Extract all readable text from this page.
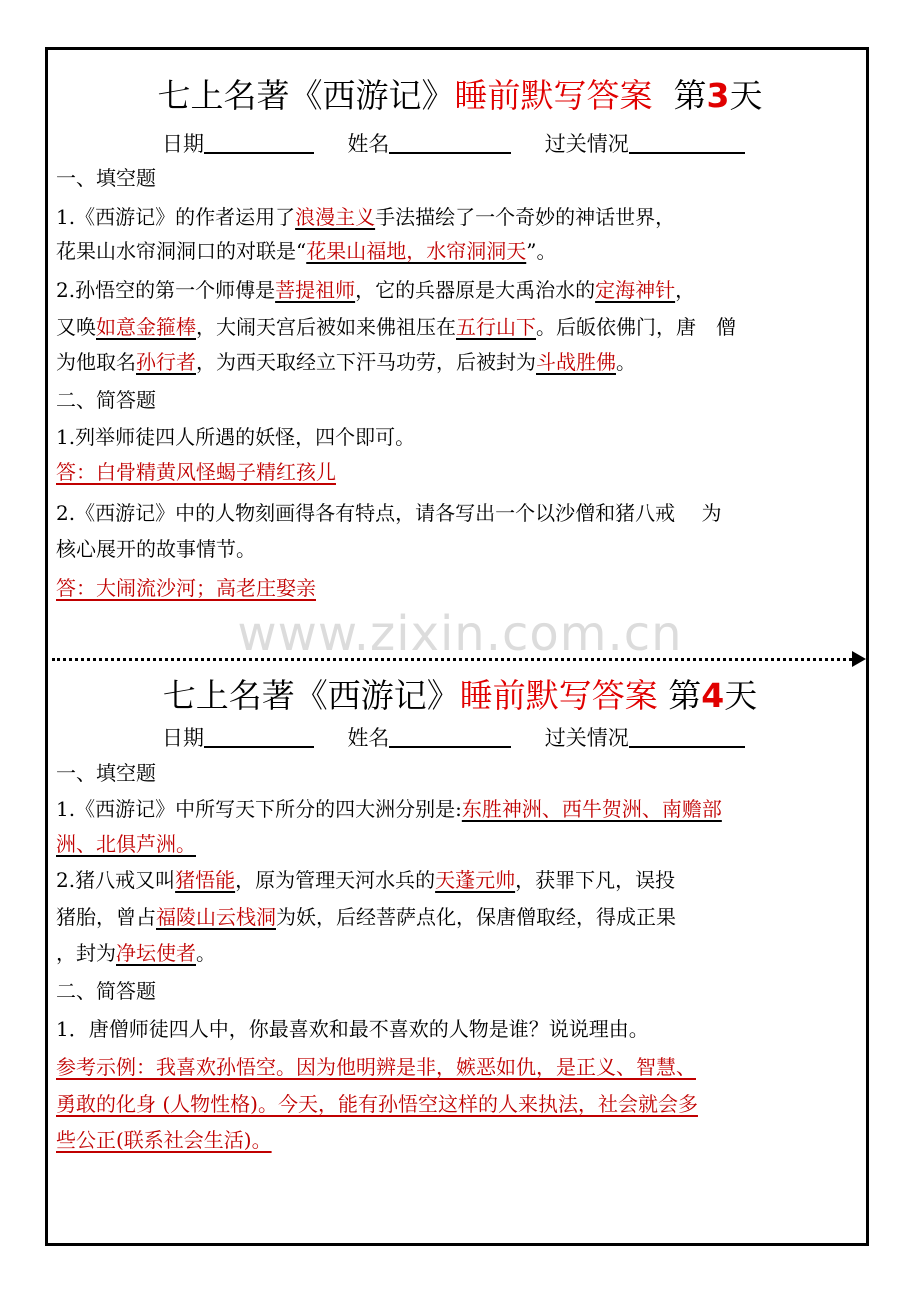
七上名著《西游记》睡前默写答案 第3天
日期	姓名	过关情况
一、填空题
1.《西游记》的作者运用了浪漫主义手法描绘了一个奇妙的神话世界，
花果山水帘洞洞口的对联是“花果山福地，水帘洞洞天”。
2.孙悟空的第一个师傅是菩提祖师，它的兵器原是大禹治水的定海神针，
又唤如意金箍棒，大闹天宫后被如来佛祖压在五行山下。后皈依佛门，唐　僧
为他取名孙行者，为西天取经立下汗马功劳，后被封为斗战胜佛。
二、简答题
1.列举师徒四人所遇的妖怪，四个即可。
答：白骨精黄风怪蝎子精红孩儿
2.《西游记》中的人物刻画得各有特点，请各写出一个以沙僧和猪八戒　 为
核心展开的故事情节。
答：大闹流沙河；高老庄娶亲
www.zixin.com.cn
七上名著《西游记》睡前默写答案 第4天
日期	姓名	过关情况
一、填空题
1.《西游记》中所写天下所分的四大洲分别是:东胜神洲、西牛贺洲、南赡部
洲、北俱芦洲。
2.猪八戒又叫猪悟能，原为管理天河水兵的天蓬元帅，获罪下凡，误投
猪胎，曾占福陵山云栈洞为妖，后经菩萨点化，保唐僧取经，得成正果
，封为净坛使者。
二、简答题
1．唐僧师徒四人中，你最喜欢和最不喜欢的人物是谁？说说理由。
参考示例：我喜欢孙悟空。因为他明辨是非，嫉恶如仇，是正义、智慧、
勇敢的化身 (人物性格)。今天，能有孙悟空这样的人来执法，社会就会多
些公正(联系社会生活)。
